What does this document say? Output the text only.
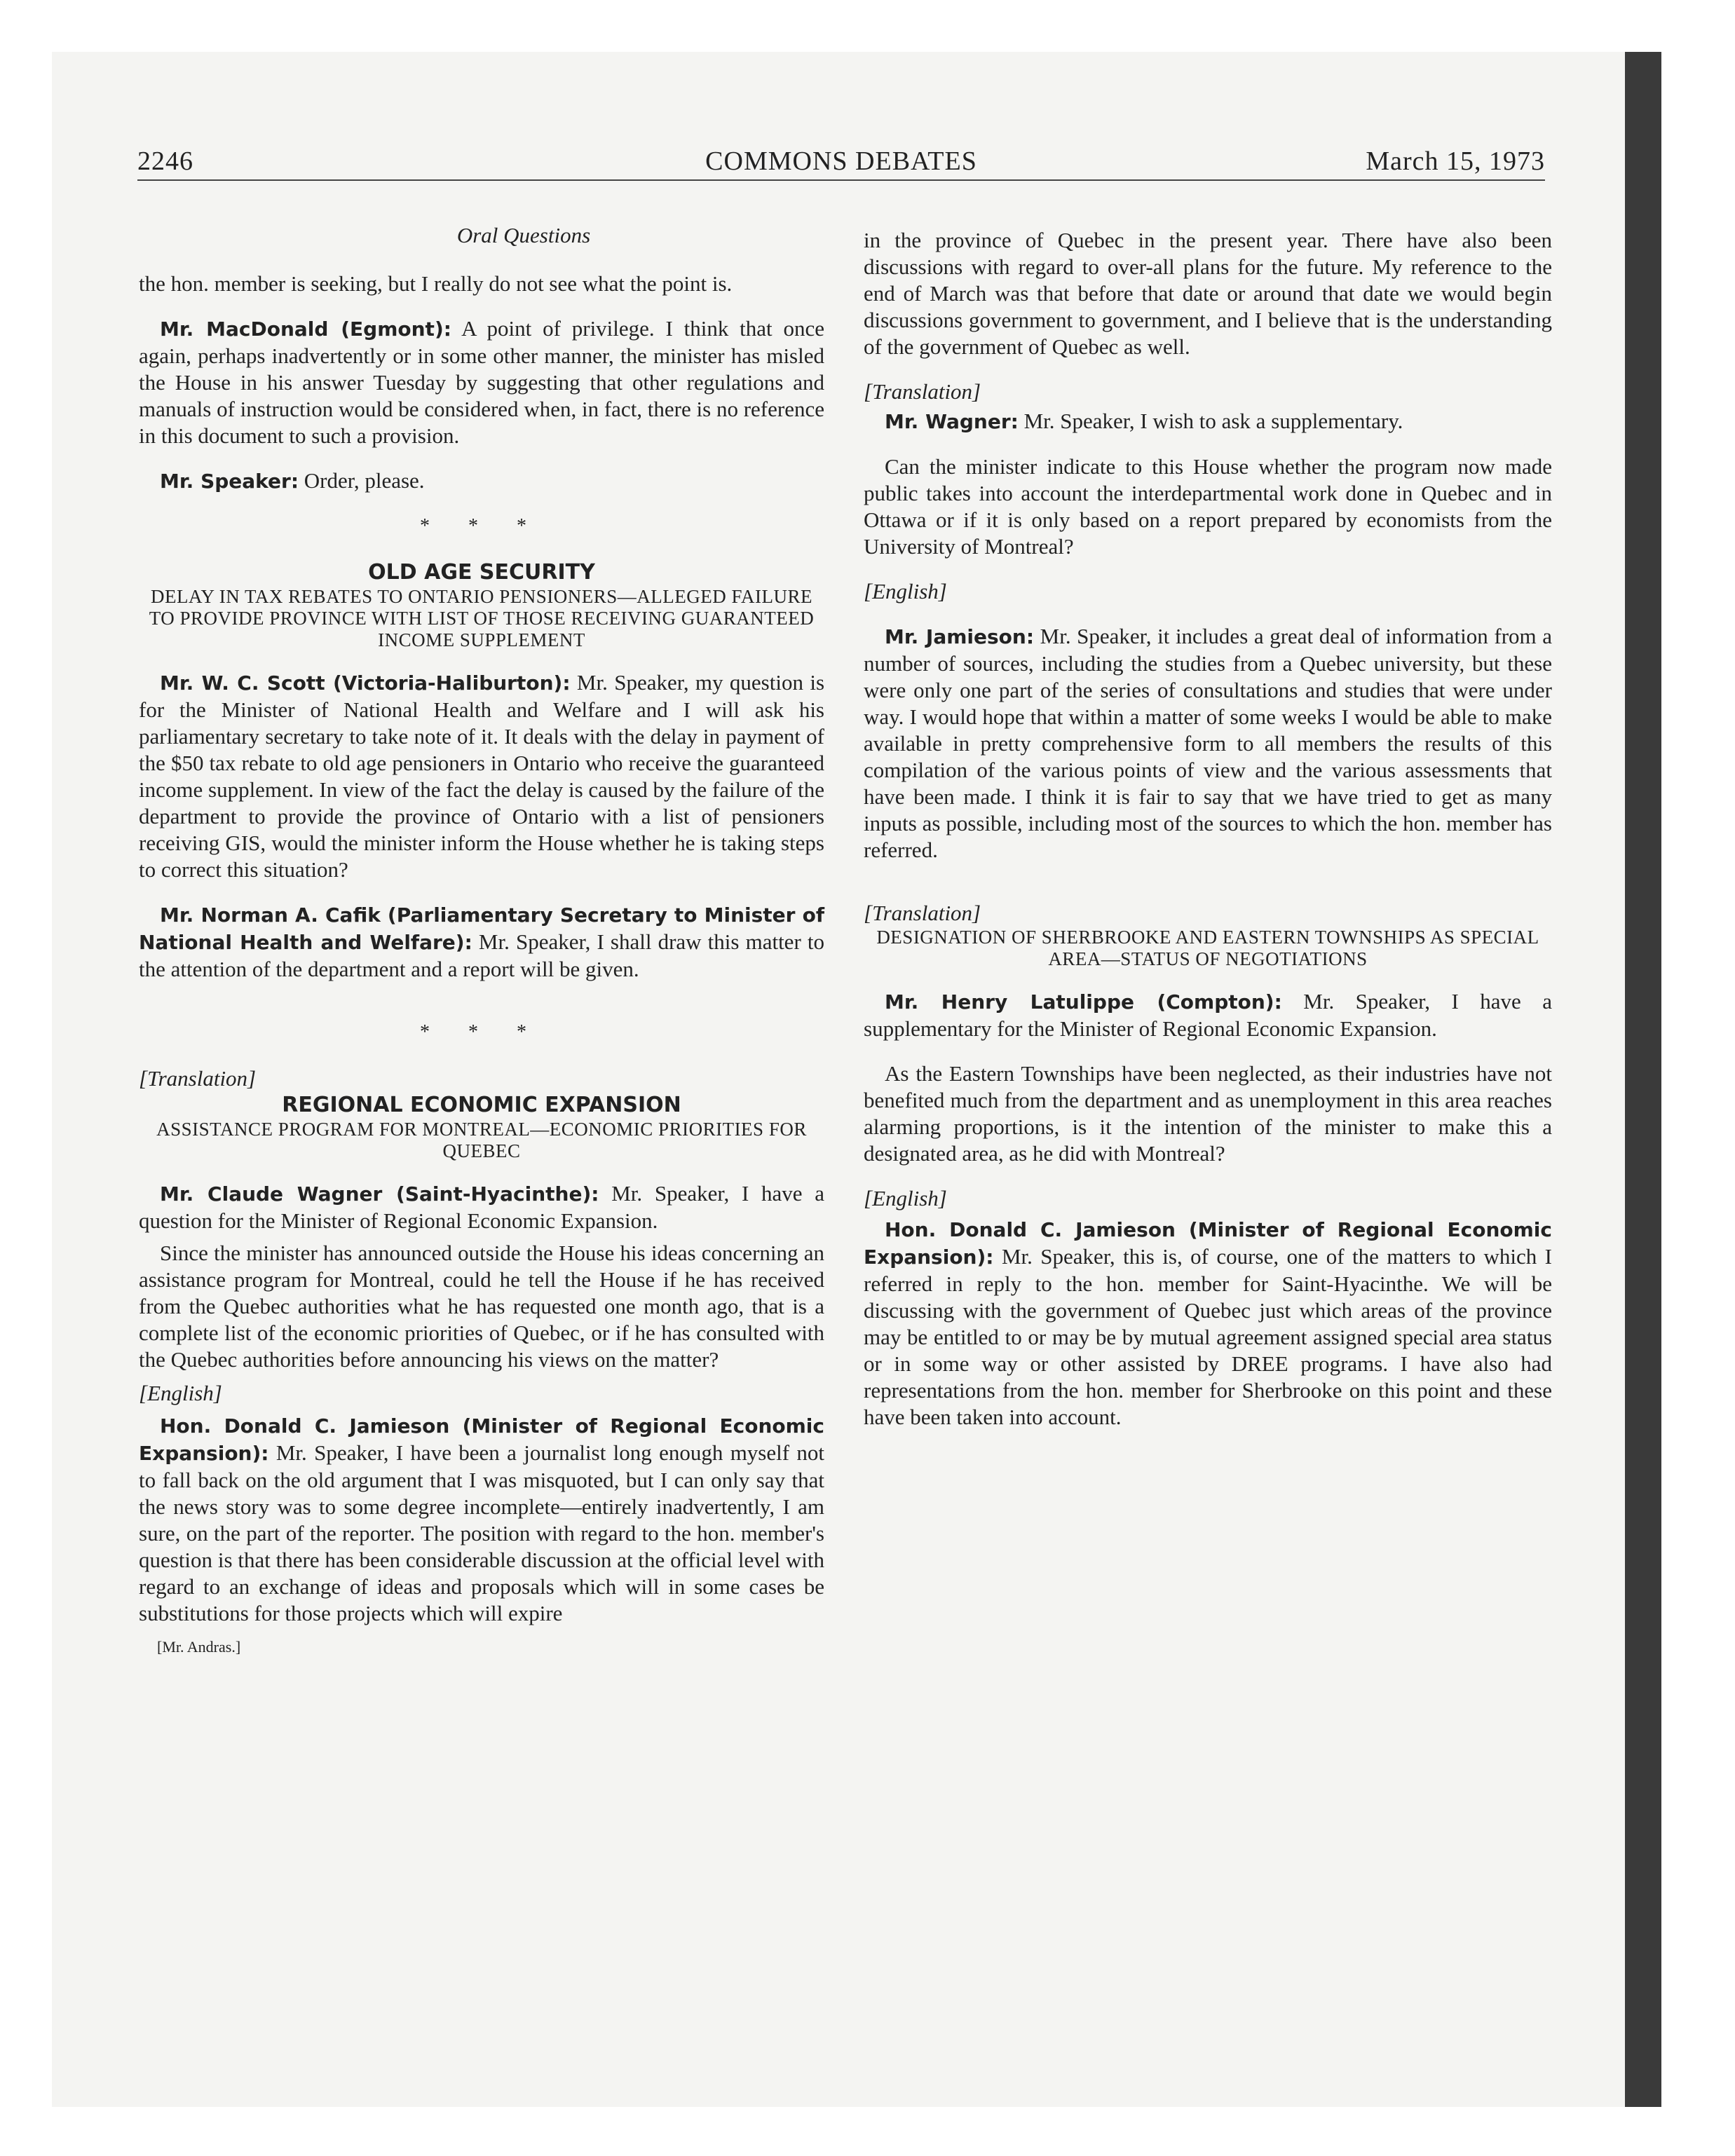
2246	COMMONS DEBATES	March 15, 1973

Oral Questions

the hon. member is seeking, but I really do not see what the point is.

Mr. MacDonald (Egmont): A point of privilege. I think that once again, perhaps inadvertently or in some other manner, the minister has misled the House in his answer Tuesday by suggesting that other regulations and manuals of instruction would be considered when, in fact, there is no reference in this document to such a provision.

Mr. Speaker: Order, please.

* * *

OLD AGE SECURITY

DELAY IN TAX REBATES TO ONTARIO PENSIONERS—ALLEGED FAILURE TO PROVIDE PROVINCE WITH LIST OF THOSE RECEIVING GUARANTEED INCOME SUPPLEMENT

Mr. W. C. Scott (Victoria-Haliburton): Mr. Speaker, my question is for the Minister of National Health and Welfare and I will ask his parliamentary secretary to take note of it. It deals with the delay in payment of the $50 tax rebate to old age pensioners in Ontario who receive the guaranteed income supplement. In view of the fact the delay is caused by the failure of the department to provide the province of Ontario with a list of pensioners receiving GIS, would the minister inform the House whether he is taking steps to correct this situation?

Mr. Norman A. Cafik (Parliamentary Secretary to Minister of National Health and Welfare): Mr. Speaker, I shall draw this matter to the attention of the department and a report will be given.

* * *

[Translation]

REGIONAL ECONOMIC EXPANSION

ASSISTANCE PROGRAM FOR MONTREAL—ECONOMIC PRIORITIES FOR QUEBEC

Mr. Claude Wagner (Saint-Hyacinthe): Mr. Speaker, I have a question for the Minister of Regional Economic Expansion.

Since the minister has announced outside the House his ideas concerning an assistance program for Montreal, could he tell the House if he has received from the Quebec authorities what he has requested one month ago, that is a complete list of the economic priorities of Quebec, or if he has consulted with the Quebec authorities before announcing his views on the matter?

[English]

Hon. Donald C. Jamieson (Minister of Regional Economic Expansion): Mr. Speaker, I have been a journalist long enough myself not to fall back on the old argument that I was misquoted, but I can only say that the news story was to some degree incomplete—entirely inadvertently, I am sure, on the part of the reporter. The position with regard to the hon. member's question is that there has been considerable discussion at the official level with regard to an exchange of ideas and proposals which will in some cases be substitutions for those projects which will expire

[Mr. Andras.]

in the province of Quebec in the present year. There have also been discussions with regard to over-all plans for the future. My reference to the end of March was that before that date or around that date we would begin discussions government to government, and I believe that is the understanding of the government of Quebec as well.

[Translation]

Mr. Wagner: Mr. Speaker, I wish to ask a supplementary.

Can the minister indicate to this House whether the program now made public takes into account the interdepartmental work done in Quebec and in Ottawa or if it is only based on a report prepared by economists from the University of Montreal?

[English]

Mr. Jamieson: Mr. Speaker, it includes a great deal of information from a number of sources, including the studies from a Quebec university, but these were only one part of the series of consultations and studies that were under way. I would hope that within a matter of some weeks I would be able to make available in pretty comprehensive form to all members the results of this compilation of the various points of view and the various assessments that have been made. I think it is fair to say that we have tried to get as many inputs as possible, including most of the sources to which the hon. member has referred.

[Translation]

DESIGNATION OF SHERBROOKE AND EASTERN TOWNSHIPS AS SPECIAL AREA—STATUS OF NEGOTIATIONS

Mr. Henry Latulippe (Compton): Mr. Speaker, I have a supplementary for the Minister of Regional Economic Expansion.

As the Eastern Townships have been neglected, as their industries have not benefited much from the department and as unemployment in this area reaches alarming proportions, is it the intention of the minister to make this a designated area, as he did with Montreal?

[English]

Hon. Donald C. Jamieson (Minister of Regional Economic Expansion): Mr. Speaker, this is, of course, one of the matters to which I referred in reply to the hon. member for Saint-Hyacinthe. We will be discussing with the government of Quebec just which areas of the province may be entitled to or may be by mutual agreement assigned special area status or in some way or other assisted by DREE programs. I have also had representations from the hon. member for Sherbrooke on this point and these have been taken into account.
